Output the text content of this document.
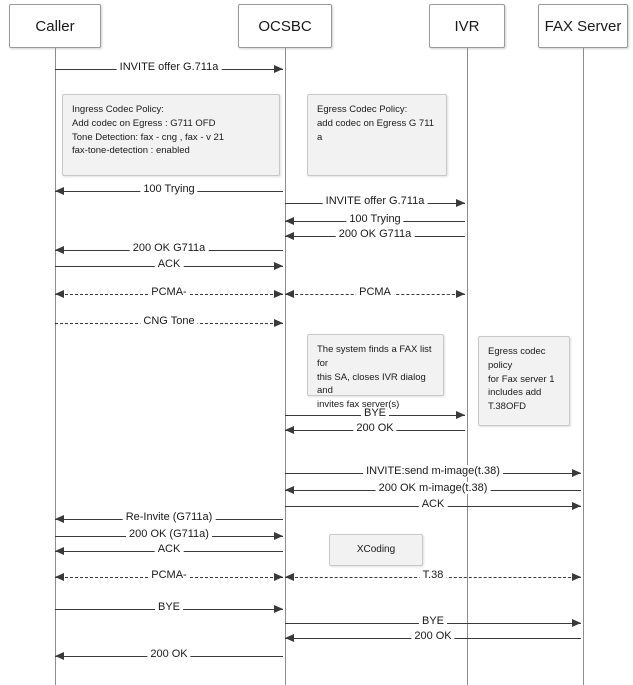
Caller	OCSBC	IVR	FAX Server
INVITE offer G.711a
100 Trying
INVITE offer G.711a
100 Trying
200 OK G711a
200 OK G711a
ACK
PCMA-	PCMA
CNG Tone
BYE
200 OK
INVITE:send m-image(t.38)
200 OK m-image(t.38)
ACK
Re-Invite (G711a)
200 OK (G711a)
ACK
PCMA-	T.38
BYE
BYE
200 OK
200 OK
Ingress Codec Policy:
Add codec on Egress : G711 OFD
Tone Detection: fax - cng , fax - v 21
fax-tone-detection : enabled
Egress Codec Policy:
add codec on Egress G 711 a
The system finds a FAX list for
this SA, closes IVR dialog and
invites fax server(s)
Egress codec policy
for Fax server 1
includes add
T.38OFD
XCoding
